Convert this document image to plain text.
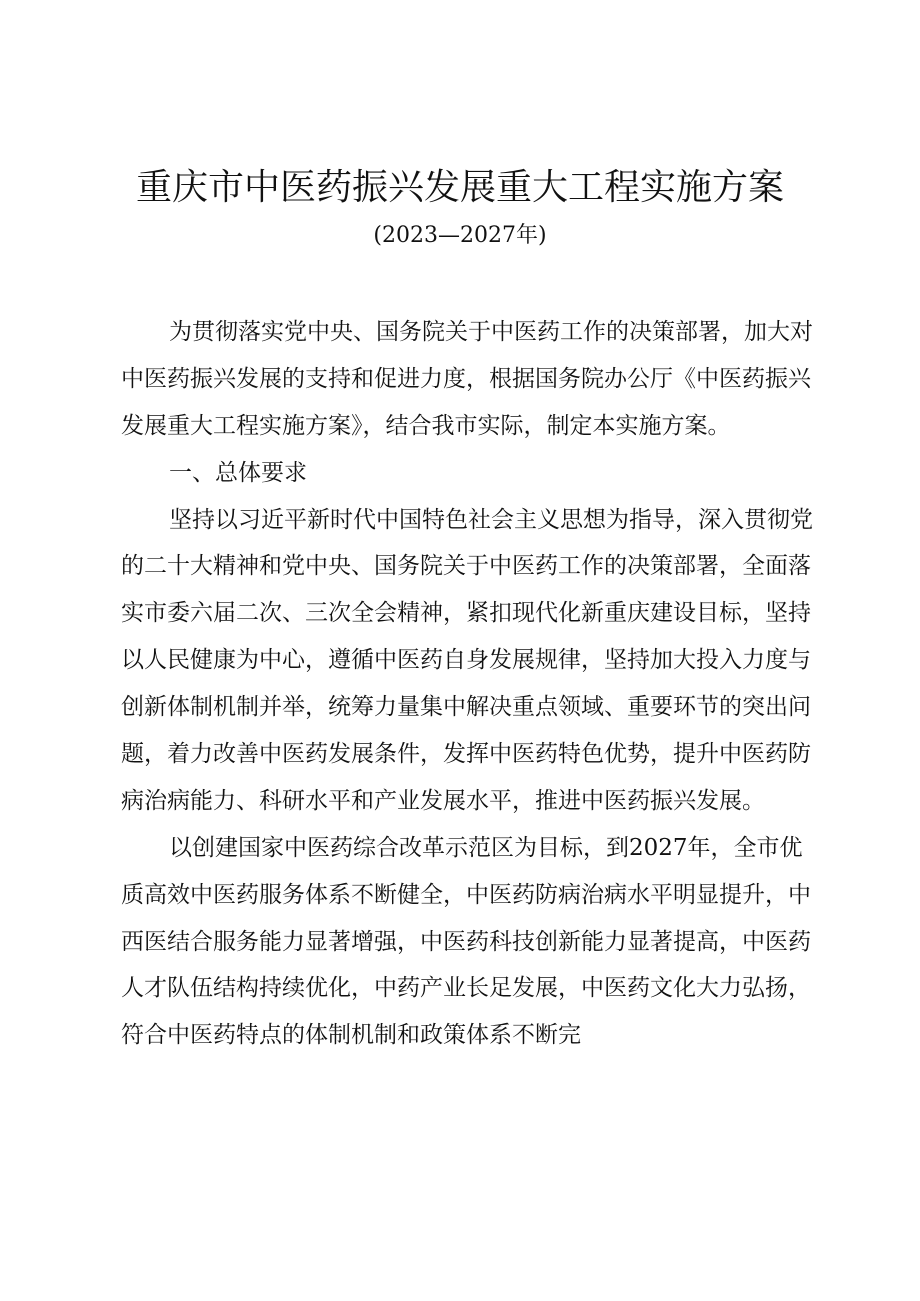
重庆市中医药振兴发展重大工程实施方案
(2023—2027年)
为贯彻落实党中央、国务院关于中医药工作的决策部署，加大对
中医药振兴发展的支持和促进力度，根据国务院办公厅《中医药振兴
发展重大工程实施方案》，结合我市实际，制定本实施方案。
一、总体要求
坚持以习近平新时代中国特色社会主义思想为指导，深入贯彻党
的二十大精神和党中央、国务院关于中医药工作的决策部署，全面落
实市委六届二次、三次全会精神，紧扣现代化新重庆建设目标，坚持
以人民健康为中心，遵循中医药自身发展规律，坚持加大投入力度与
创新体制机制并举，统筹力量集中解决重点领域、重要环节的突出问
题，着力改善中医药发展条件，发挥中医药特色优势，提升中医药防
病治病能力、科研水平和产业发展水平，推进中医药振兴发展。
以创建国家中医药综合改革示范区为目标，到2027年，全市优
质高效中医药服务体系不断健全，中医药防病治病水平明显提升，中
西医结合服务能力显著增强，中医药科技创新能力显著提高，中医药
人才队伍结构持续优化，中药产业长足发展，中医药文化大力弘扬，
符合中医药特点的体制机制和政策体系不断完
